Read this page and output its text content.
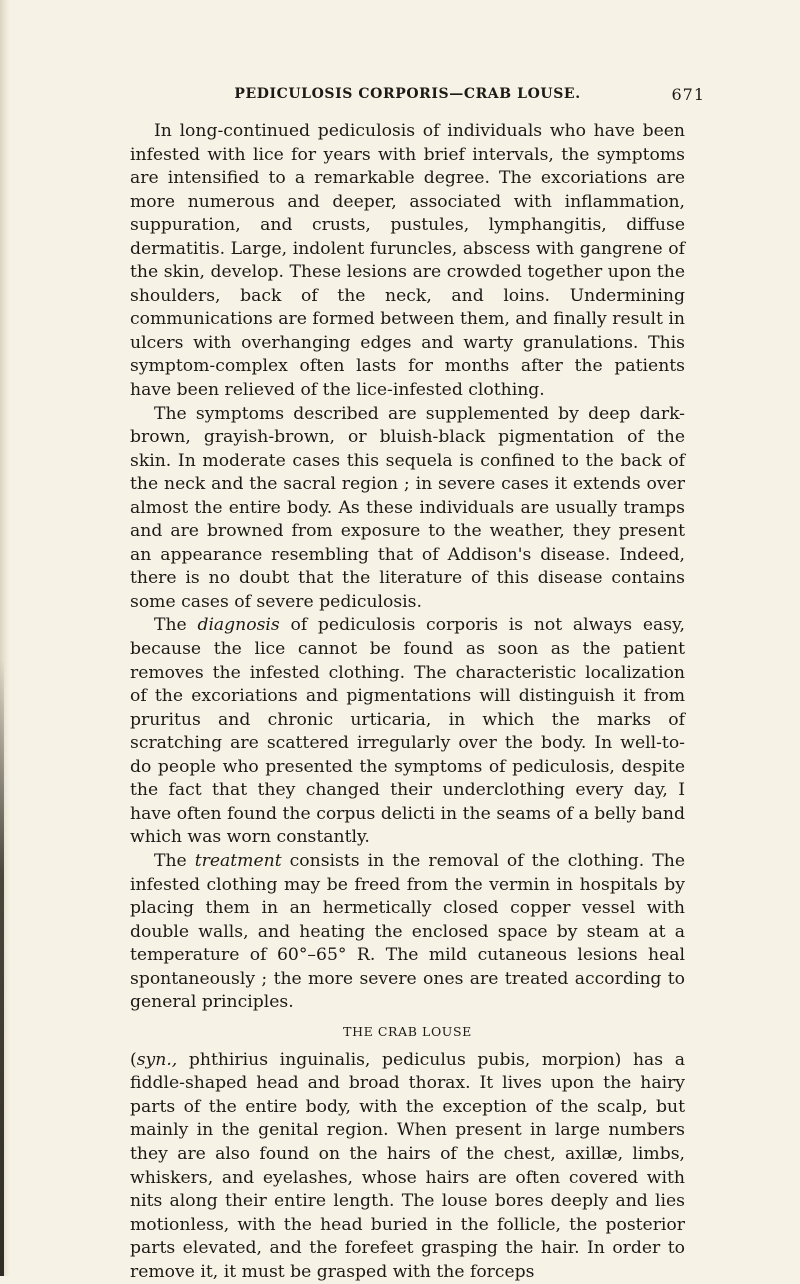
PEDICULOSIS CORPORIS—CRAB LOUSE.	671

In long-continued pediculosis of individuals who have been infested with lice for years with brief intervals, the symptoms are intensified to a remarkable degree. The excoriations are more numerous and deeper, associated with inflammation, suppuration, and crusts, pustules, lymphangitis, diffuse dermatitis. Large, indolent furuncles, abscess with gangrene of the skin, develop. These lesions are crowded together upon the shoulders, back of the neck, and loins. Undermining communications are formed between them, and finally result in ulcers with overhanging edges and warty granulations. This symptom-complex often lasts for months after the patients have been relieved of the lice-infested clothing.

The symptoms described are supplemented by deep dark-brown, grayish-brown, or bluish-black pigmentation of the skin. In moderate cases this sequela is confined to the back of the neck and the sacral region ; in severe cases it extends over almost the entire body. As these individuals are usually tramps and are browned from exposure to the weather, they present an appearance resembling that of Addison's disease. Indeed, there is no doubt that the literature of this disease contains some cases of severe pediculosis.

The diagnosis of pediculosis corporis is not always easy, because the lice cannot be found as soon as the patient removes the infested clothing. The characteristic localization of the excoriations and pigmentations will distinguish it from pruritus and chronic urticaria, in which the marks of scratching are scattered irregularly over the body. In well-to-do people who presented the symptoms of pediculosis, despite the fact that they changed their underclothing every day, I have often found the corpus delicti in the seams of a belly band which was worn constantly.

The treatment consists in the removal of the clothing. The infested clothing may be freed from the vermin in hospitals by placing them in an hermetically closed copper vessel with double walls, and heating the enclosed space by steam at a temperature of 60°–65° R. The mild cutaneous lesions heal spontaneously ; the more severe ones are treated according to general principles.

THE CRAB LOUSE

(syn., phthirius inguinalis, pediculus pubis, morpion) has a fiddle-shaped head and broad thorax. It lives upon the hairy parts of the entire body, with the exception of the scalp, but mainly in the genital region. When present in large numbers they are also found on the hairs of the chest, axillæ, limbs, whiskers, and eyelashes, whose hairs are often covered with nits along their entire length. The louse bores deeply and lies motionless, with the head buried in the follicle, the posterior parts elevated, and the forefeet grasping the hair. In order to remove it, it must be grasped with the forceps
